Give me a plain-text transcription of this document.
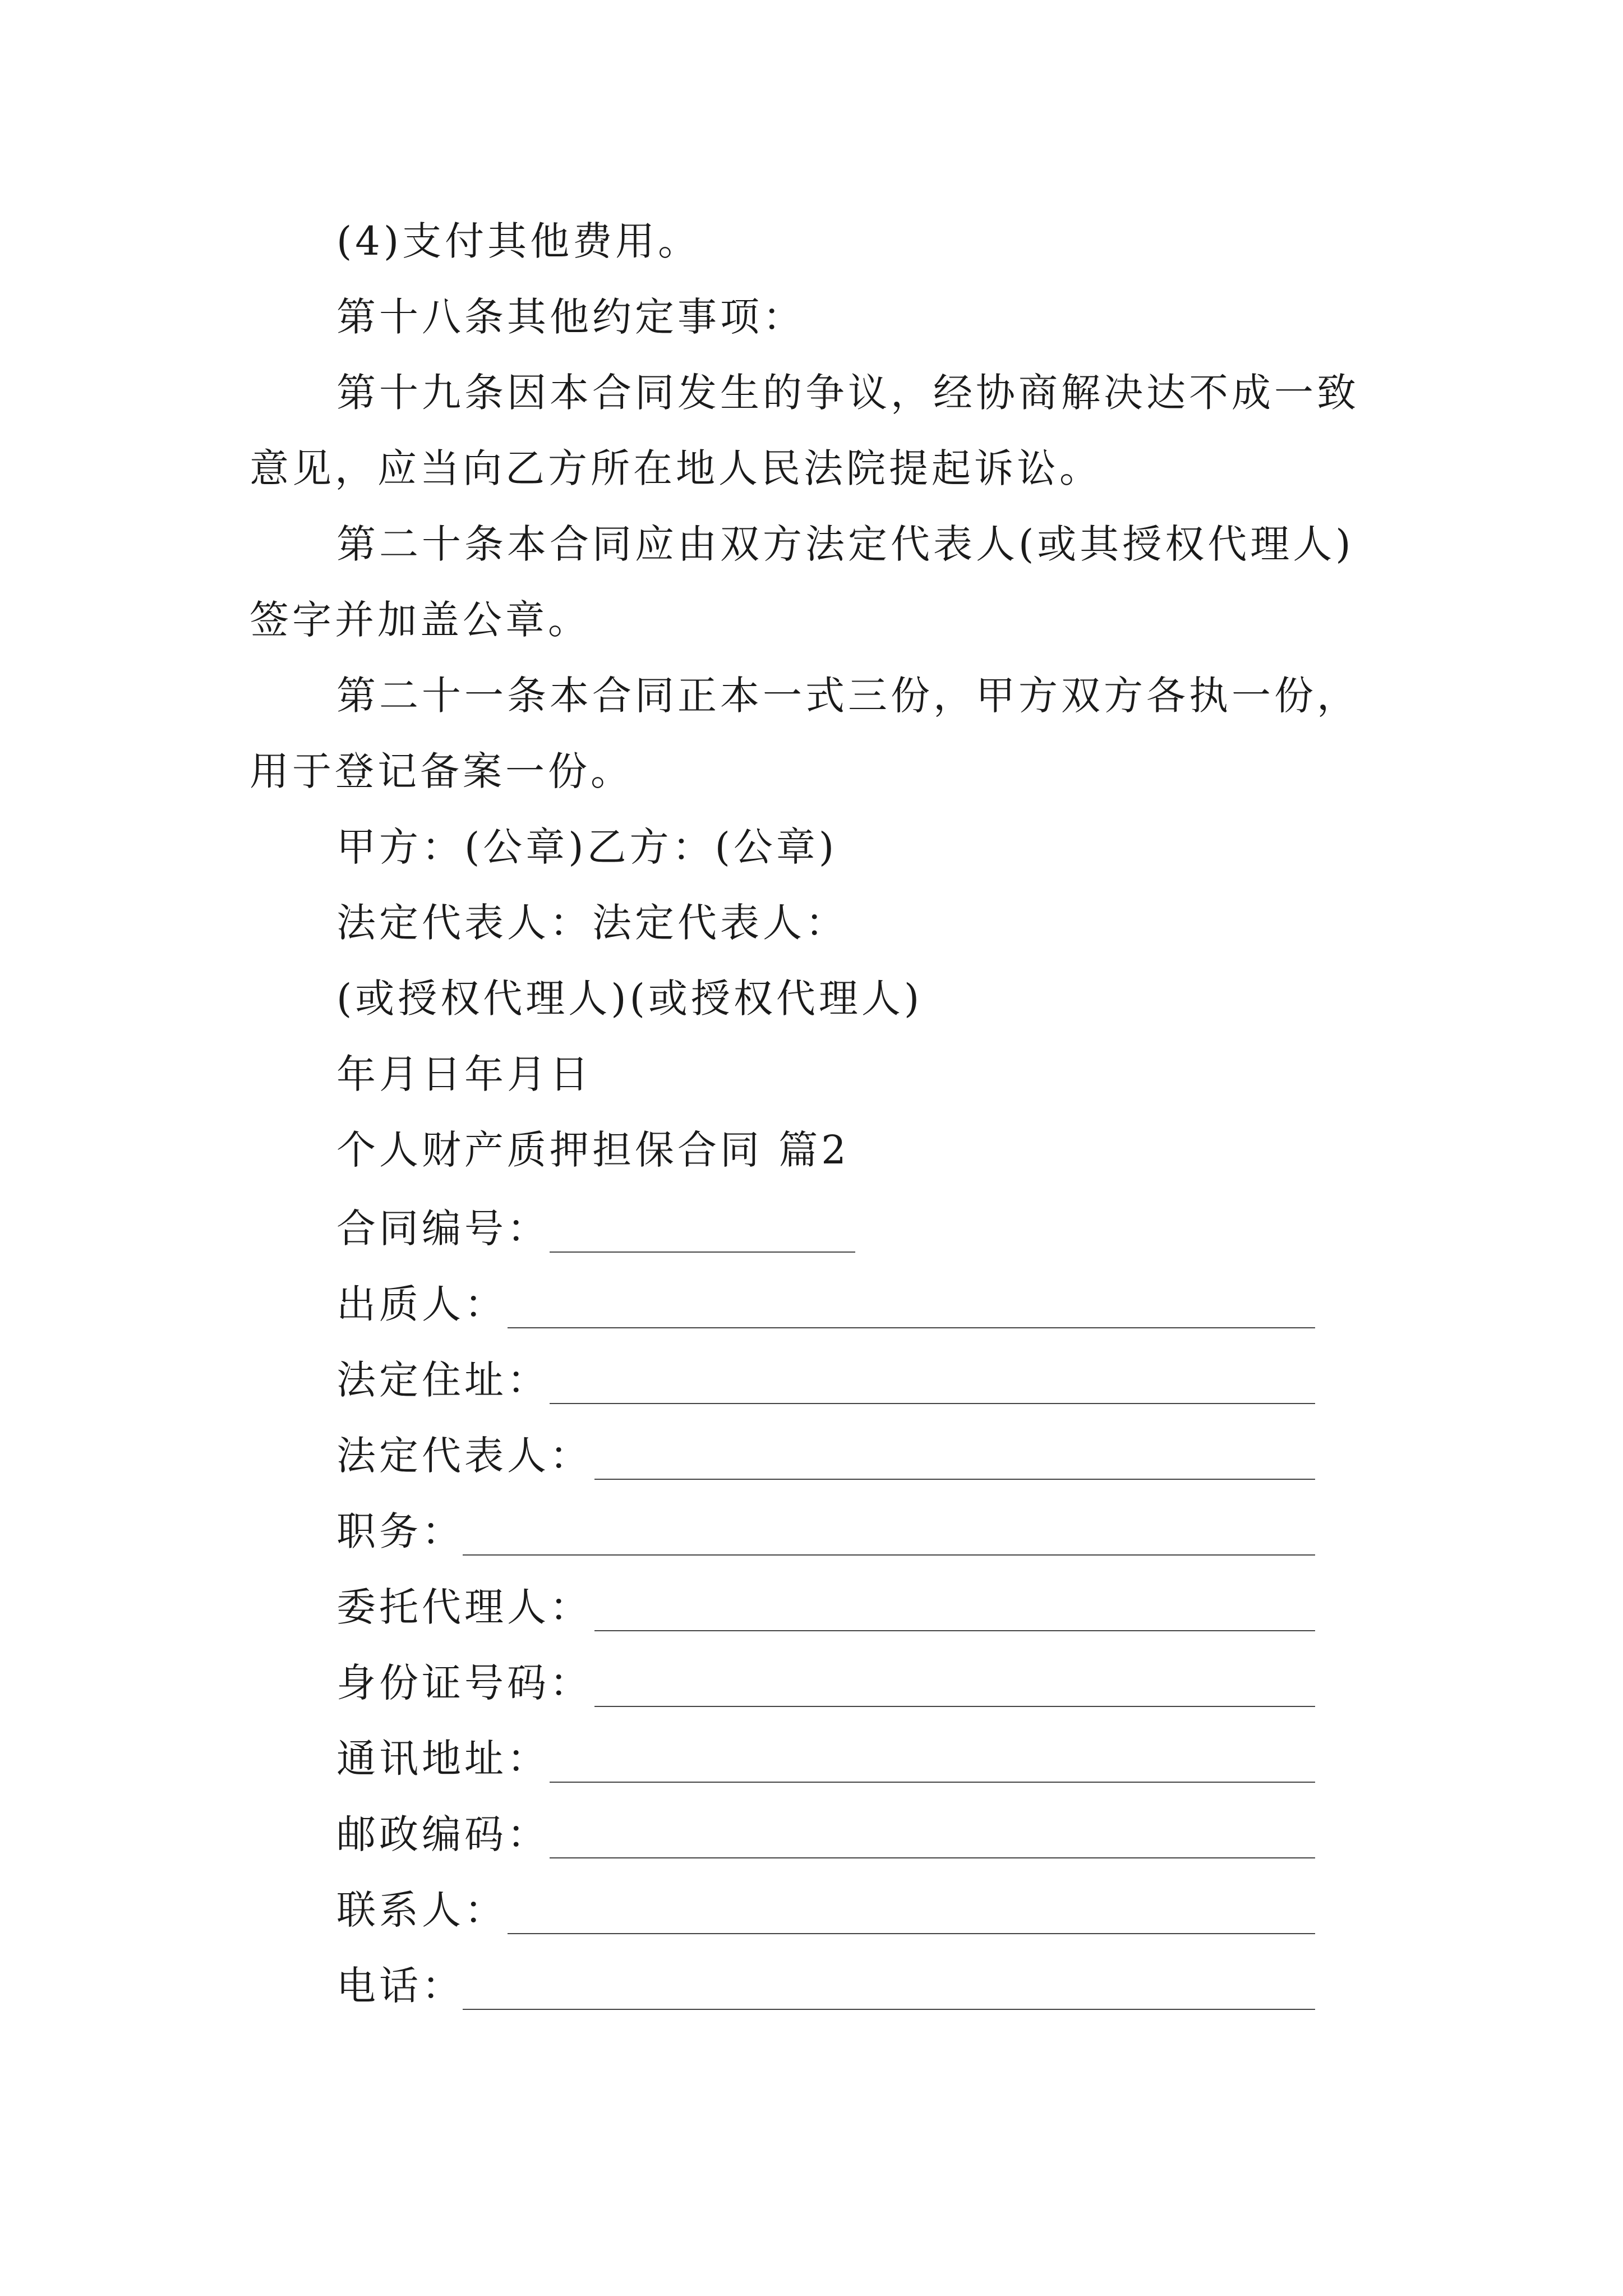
(4)支付其他费用。
第十八条其他约定事项：
第十九条因本合同发生的争议，经协商解决达不成一致
意见，应当向乙方所在地人民法院提起诉讼。
第二十条本合同应由双方法定代表人(或其授权代理人)
签字并加盖公章。
第二十一条本合同正本一式三份，甲方双方各执一份，
用于登记备案一份。
甲方：(公章)乙方：(公章)
法定代表人：法定代表人：
(或授权代理人)(或授权代理人)
年月日年月日
个人财产质押担保合同 篇2
合同编号：
出质人：
法定住址：
法定代表人：
职务：
委托代理人：
身份证号码：
通讯地址：
邮政编码：
联系人：
电话：
